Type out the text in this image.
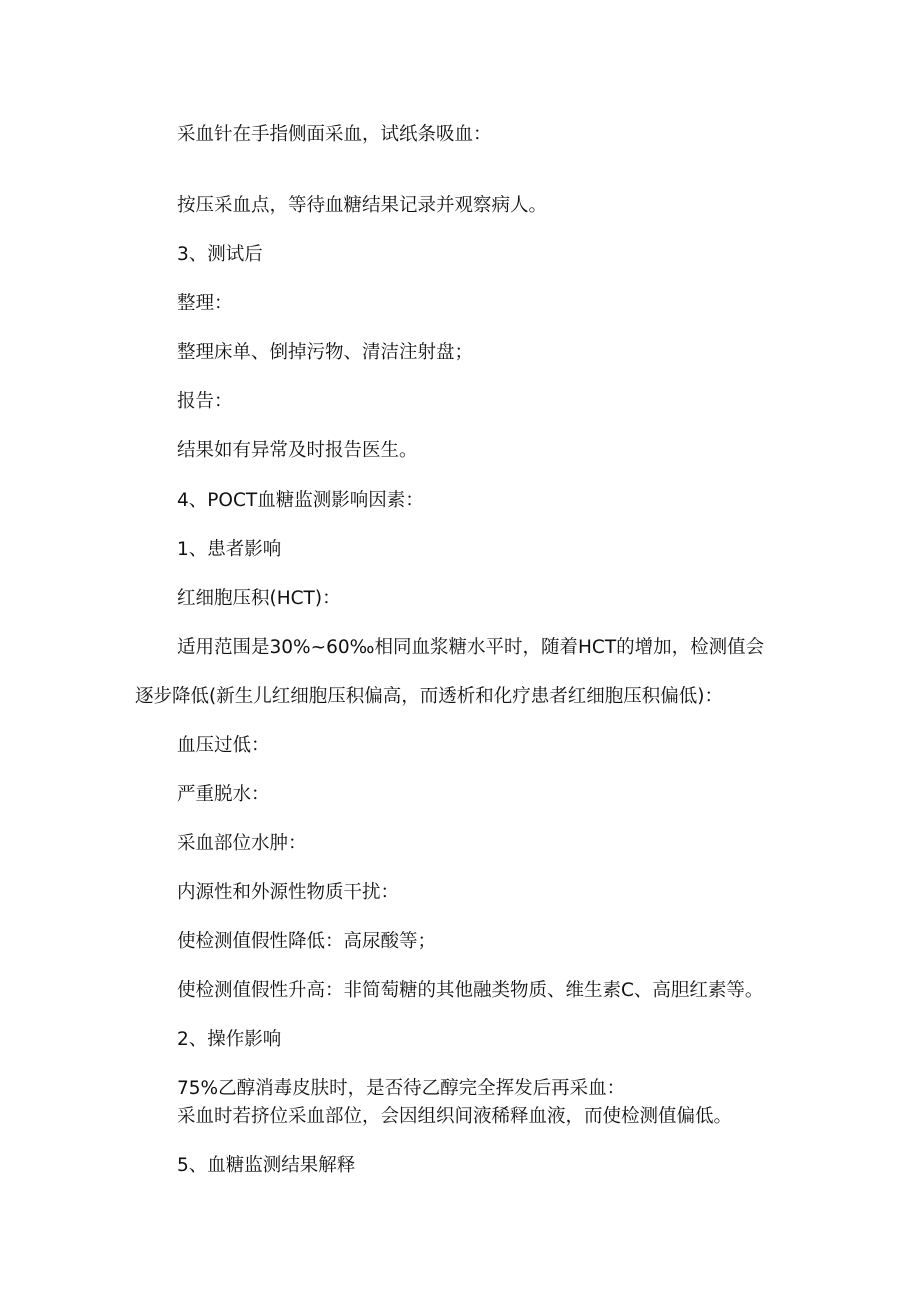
采血针在手指侧面采血，试纸条吸血：
按压采血点，等待血糖结果记录并观察病人。
3、测试后
整理：
整理床单、倒掉污物、清洁注射盘；
报告：
结果如有异常及时报告医生。
4、POCT血糖监测影响因素：
1、患者影响
红细胞压积(HCT)：
适用范围是30%~60‰相同血浆糖水平时，随着HCT的增加，检测值会
逐步降低(新生儿红细胞压积偏高，而透析和化疗患者红细胞压积偏低)：
血压过低：
严重脱水：
采血部位水肿：
内源性和外源性物质干扰：
使检测值假性降低：高尿酸等；
使检测值假性升高：非简萄糖的其他融类物质、维生素C、高胆红素等。
2、操作影响
75%乙醇消毒皮肤时，是否待乙醇完全挥发后再采血：
采血时若挤位采血部位，会因组织间液稀释血液，而使检测值偏低。
5、血糖监测结果解释
